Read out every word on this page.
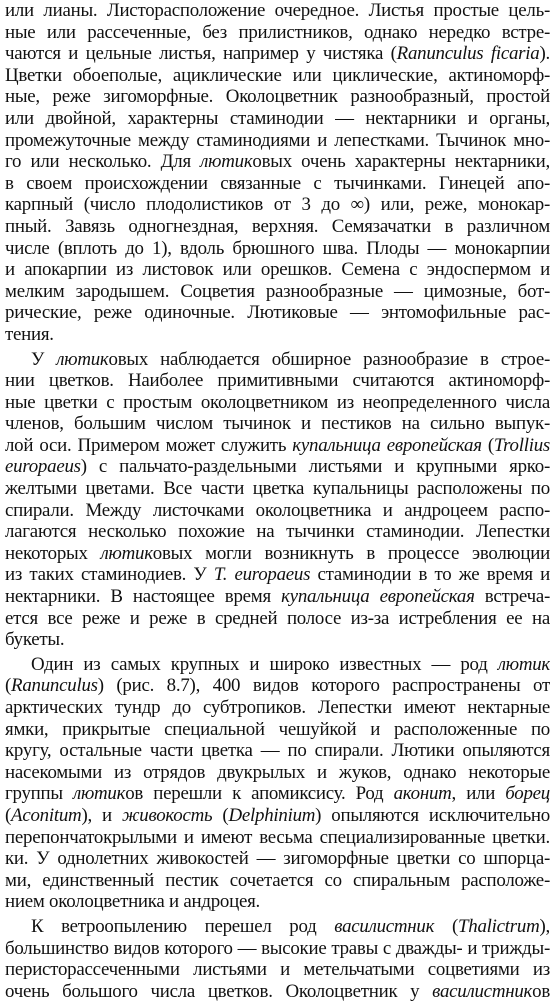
или лианы. Листорасположение очередное. Листья простые цель-
ные или рассеченные, без прилистников, однако нередко встре-
чаются и цельные листья, например у чистяка (Ranunculus ficaria).
Цветки обоеполые, ациклические или циклические, актиноморф-
ные, реже зигоморфные. Околоцветник разнообразный, простой
или двойной, характерны стаминодии — нектарники и органы,
промежуточные между стаминодиями и лепестками. Тычинок мно-
го или несколько. Для лютиковых очень характерны нектарники,
в своем происхождении связанные с тычинками. Гинецей апо-
карпный (число плодолистиков от 3 до ∞) или, реже, монокар-
пный. Завязь одногнездная, верхняя. Семязачатки в различном
числе (вплоть до 1), вдоль брюшного шва. Плоды — монокарпии
и апокарпии из листовок или орешков. Семена с эндоспермом и
мелким зародышем. Соцветия разнообразные — цимозные, бот-
рические, реже одиночные. Лютиковые — энтомофильные рас-
тения.
У лютиковых наблюдается обширное разнообразие в строе-
нии цветков. Наиболее примитивными считаются актиноморф-
ные цветки с простым околоцветником из неопределенного числа
членов, большим числом тычинок и пестиков на сильно выпук-
лой оси. Примером может служить купальница европейская (Trollius
europaeus) с пальчато-раздельными листьями и крупными ярко-
желтыми цветами. Все части цветка купальницы расположены по
спирали. Между листочками околоцветника и андроцеем распо-
лагаются несколько похожие на тычинки стаминодии. Лепестки
некоторых лютиковых могли возникнуть в процессе эволюции
из таких стаминодиев. У T. europaeus стаминодии в то же время и
нектарники. В настоящее время купальница европейская встреча-
ется все реже и реже в средней полосе из-за истребления ее на
букеты.
Один из самых крупных и широко известных — род лютик
(Ranunculus) (рис. 8.7), 400 видов которого распространены от
арктических тундр до субтропиков. Лепестки имеют нектарные
ямки, прикрытые специальной чешуйкой и расположенные по
кругу, остальные части цветка — по спирали. Лютики опыляются
насекомыми из отрядов двукрылых и жуков, однако некоторые
группы лютиков перешли к апомиксису. Род аконит, или борец
(Aconitum), и живокость (Delphinium) опыляются исключительно
перепончатокрылыми и имеют весьма специализированные цветки.
ки. У однолетних живокостей — зигоморфные цветки со шпорца-
ми, единственный пестик сочетается со спиральным расположе-
нием околоцветника и андроцея.
К ветроопылению перешел род василистник (Thalictrum),
большинство видов которого — высокие травы с дважды- и трижды-
перисторассеченными листьями и метельчатыми соцветиями из
очень большого числа цветков. Околоцветник у василистников
